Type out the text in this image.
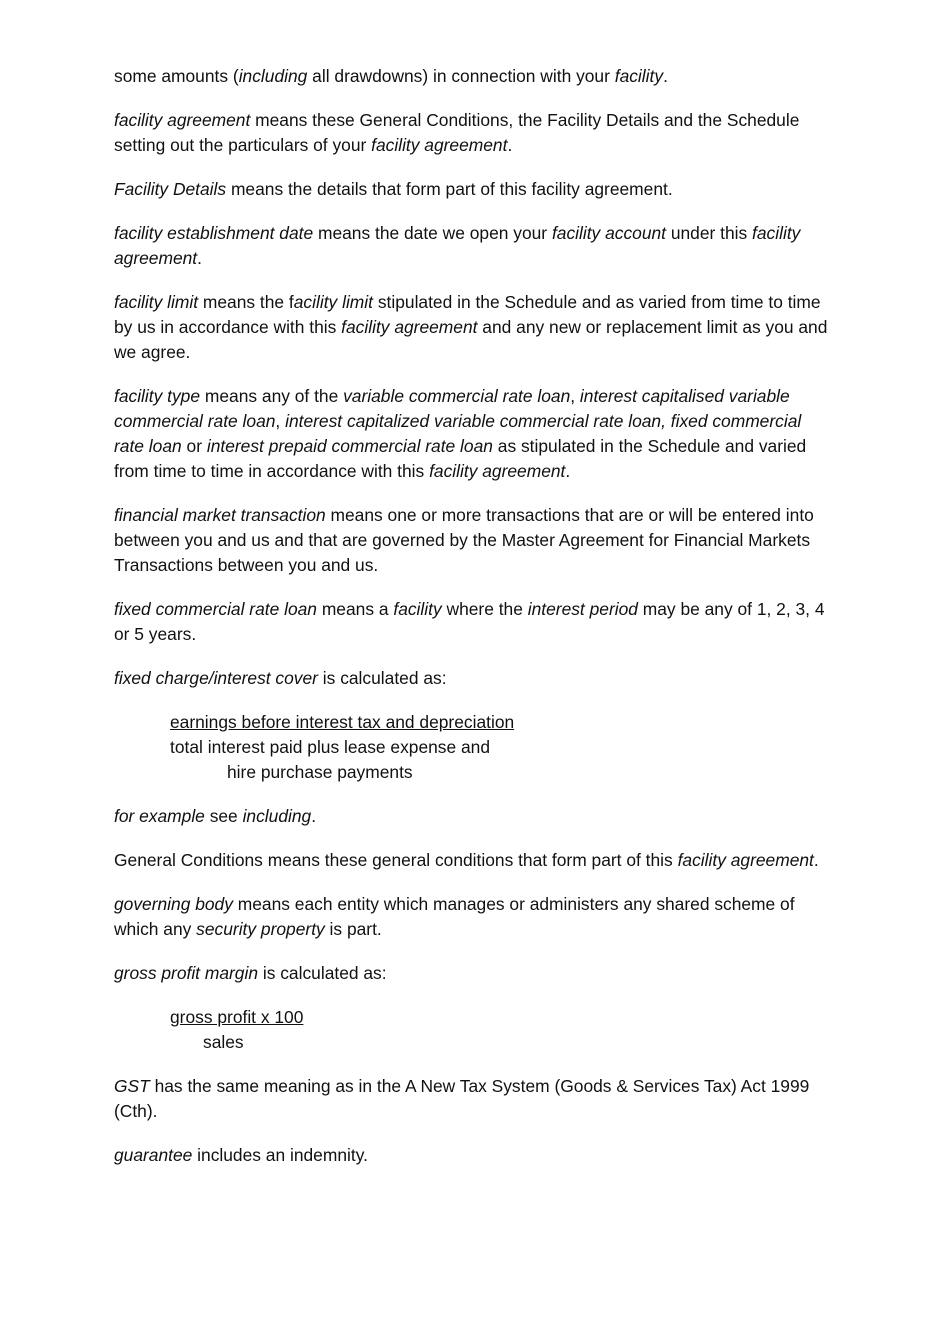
some amounts (including all drawdowns) in connection with your facility.

facility agreement means these General Conditions, the Facility Details and the Schedule setting out the particulars of your facility agreement.

Facility Details means the details that form part of this facility agreement.

facility establishment date means the date we open your facility account under this facility agreement.

facility limit means the facility limit stipulated in the Schedule and as varied from time to time by us in accordance with this facility agreement and any new or replacement limit as you and we agree.

facility type means any of the variable commercial rate loan, interest capitalised variable commercial rate loan, interest capitalized variable commercial rate loan, fixed commercial rate loan or interest prepaid commercial rate loan as stipulated in the Schedule and varied from time to time in accordance with this facility agreement.

financial market transaction means one or more transactions that are or will be entered into between you and us and that are governed by the Master Agreement for Financial Markets Transactions between you and us.

fixed commercial rate loan means a facility where the interest period may be any of 1, 2, 3, 4 or 5 years.

fixed charge/interest cover is calculated as:

earnings before interest tax and depreciation
total interest paid plus lease expense and
hire purchase payments

for example see including.

General Conditions means these general conditions that form part of this facility agreement.

governing body means each entity which manages or administers any shared scheme of which any security property is part.

gross profit margin is calculated as:

gross profit x 100
sales

GST has the same meaning as in the A New Tax System (Goods & Services Tax) Act 1999 (Cth).

guarantee includes an indemnity.
